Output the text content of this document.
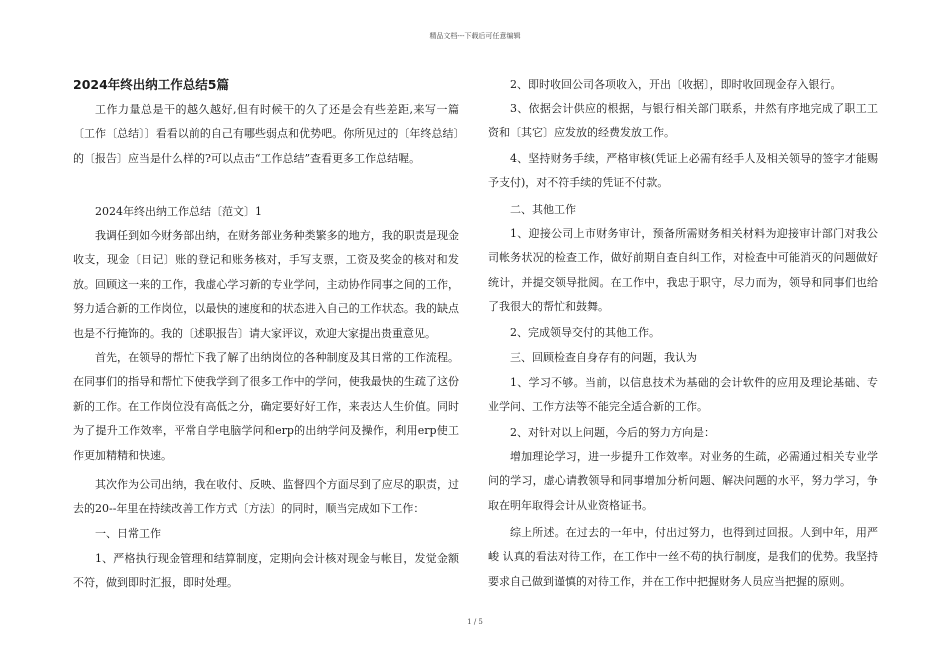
精品文档---下载后可任意编辑
2024年终出纳工作总结5篇
工作力量总是干的越久越好,但有时候干的久了还是会有些差距,来写一篇〔工作〔总结〕〕看看以前的自己有哪些弱点和优势吧。你所见过的〔年终总结〕的〔报告〕应当是什么样的?可以点击“工作总结”查看更多工作总结喔。
2024年终出纳工作总结〔范文〕1
我调任到如今财务部出纳，在财务部业务种类繁多的地方，我的职责是现金收支，现金〔日记〕账的登记和账务核对，手写支票，工资及奖金的核对和发放。回顾这一来的工作，我虚心学习新的专业学问，主动协作同事之间的工作，努力适合新的工作岗位，以最快的速度和的状态进入自己的工作状态。我的缺点也是不行掩饰的。我的〔述职报告〕请大家评议，欢迎大家提出贵重意见。
首先，在领导的帮忙下我了解了出纳岗位的各种制度及其日常的工作流程。在同事们的指导和帮忙下使我学到了很多工作中的学问，使我最快的生疏了这份新的工作。在工作岗位没有高低之分，确定要好好工作，来表达人生价值。同时为了提升工作效率，平常自学电脑学问和erp的出纳学问及操作，利用erp使工作更加精精和快速。
其次作为公司出纳，我在收付、反映、监督四个方面尽到了应尽的职责，过去的20--年里在持续改善工作方式〔方法〕的同时，顺当完成如下工作：
一、日常工作
1、严格执行现金管理和结算制度，定期向会计核对现金与帐目，发觉金额不符，做到即时汇报，即时处理。
2、即时收回公司各项收入，开出〔收据〕，即时收回现金存入银行。
3、依据会计供应的根据，与银行相关部门联系，井然有序地完成了职工工资和〔其它〕应发放的经费发放工作。
4、坚持财务手续，严格审核(凭证上必需有经手人及相关领导的签字才能赐予支付)，对不符手续的凭证不付款。
二、其他工作
1、迎接公司上市财务审计，预备所需财务相关材料为迎接审计部门对我公司帐务状况的检查工作，做好前期自查自纠工作，对检查中可能消灭的问题做好统计，并提交领导批阅。在工作中，我忠于职守，尽力而为，领导和同事们也给了我很大的帮忙和鼓舞。
2、完成领导交付的其他工作。
三、回顾检查自身存有的问题，我认为
1、学习不够。当前，以信息技术为基础的会计软件的应用及理论基础、专业学问、工作方法等不能完全适合新的工作。
2、对针对以上问题，今后的努力方向是：
增加理论学习，进一步提升工作效率。对业务的生疏，必需通过相关专业学问的学习，虚心请教领导和同事增加分析问题、解决问题的水平，努力学习，争取在明年取得会计从业资格证书。
综上所述。在过去的一年中，付出过努力，也得到过回报。人到中年，用严峻 认真的看法对待工作，在工作中一丝不苟的执行制度，是我们的优势。我坚持要求自己做到谨慎的对待工作，并在工作中把握财务人员应当把握的原则。
1 / 5
